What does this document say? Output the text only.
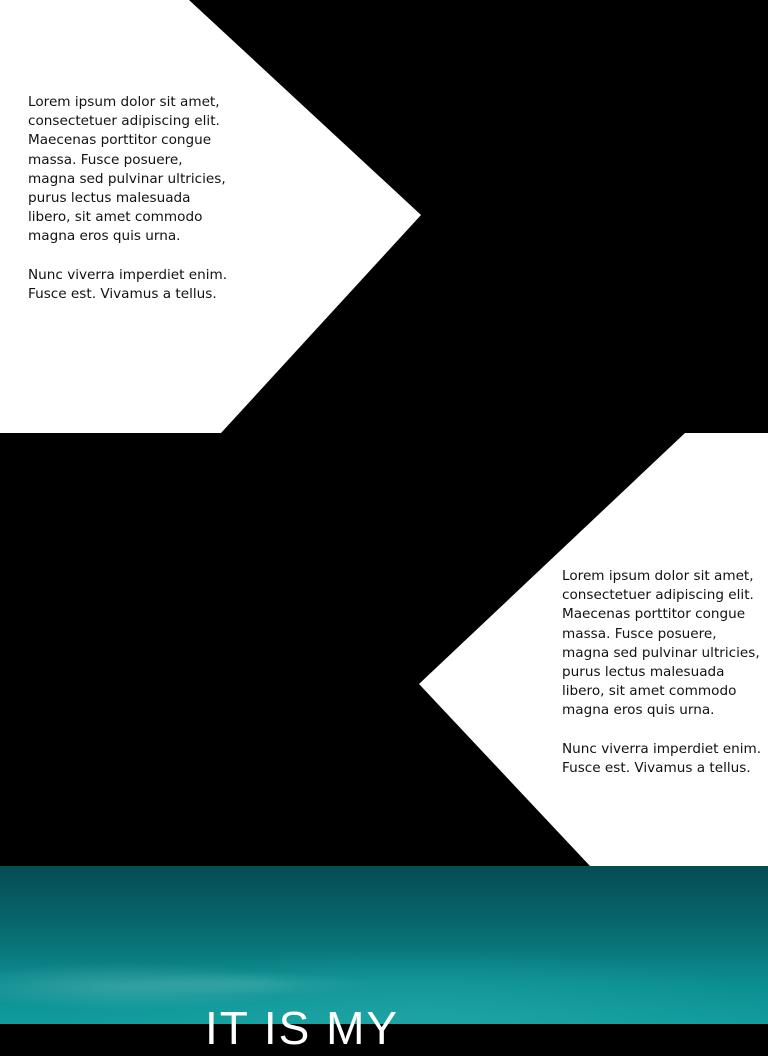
Lorem ipsum dolor sit amet, consectetuer adipiscing elit. Maecenas porttitor congue massa. Fusce posuere, magna sed pulvinar ultricies, purus lectus malesuada libero, sit amet commodo magna eros quis urna.

Nunc viverra imperdiet enim. Fusce est. Vivamus a tellus.

Lorem ipsum dolor sit amet, consectetuer adipiscing elit. Maecenas porttitor congue massa. Fusce posuere, magna sed pulvinar ultricies, purus lectus malesuada libero, sit amet commodo magna eros quis urna.

Nunc viverra imperdiet enim. Fusce est. Vivamus a tellus.

IT IS MY
